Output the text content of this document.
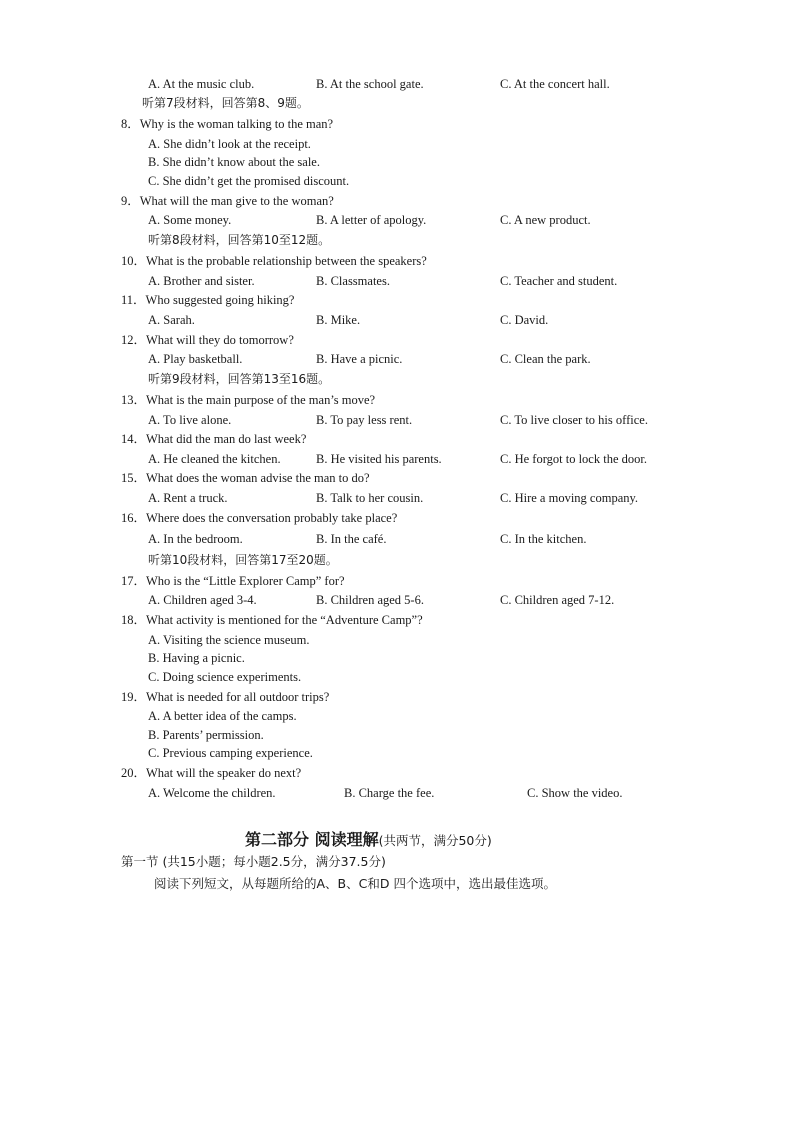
A. At the music club.	B. At the school gate.	C. At the concert hall.
听第7段材料，回答第8、9题。
8．Why is the woman talking to the man?
A. She didn’t look at the receipt.
B. She didn’t know about the sale.
C. She didn’t get the promised discount.
9．What will the man give to the woman?
A. Some money.	B. A letter of apology.	C. A new product.
听第8段材料，回答第10至12题。
10．What is the probable relationship between the speakers?
A. Brother and sister.	B. Classmates.	C. Teacher and student.
11．Who suggested going hiking?
A. Sarah.	B. Mike.	C. David.
12．What will they do tomorrow?
A. Play basketball.	B. Have a picnic.	C. Clean the park.
听第9段材料，回答第13至16题。
13．What is the main purpose of the man’s move?
A. To live alone.	B. To pay less rent.	C. To live closer to his office.
14．What did the man do last week?
A. He cleaned the kitchen.	B. He visited his parents.	C. He forgot to lock the door.
15．What does the woman advise the man to do?
A. Rent a truck.	B. Talk to her cousin.	C. Hire a moving company.
16．Where does the conversation probably take place?
A. In the bedroom.	B. In the café.	C. In the kitchen.
听第10段材料，回答第17至20题。
17．Who is the “Little Explorer Camp” for?
A. Children aged 3-4.	B. Children aged 5-6.	C. Children aged 7-12.
18．What activity is mentioned for the “Adventure Camp”?
A. Visiting the science museum.
B. Having a picnic.
C. Doing science experiments.
19．What is needed for all outdoor trips?
A. A better idea of the camps.
B. Parents’ permission.
C. Previous camping experience.
20．What will the speaker do next?
A. Welcome the children.	B. Charge the fee.	C. Show the video.
第二部分 阅读理解(共两节，满分50分)
第一节 (共15小题；每小题2.5分，满分37.5分)
阅读下列短文，从每题所给的A、B、C和D 四个选项中，选出最佳选项。
